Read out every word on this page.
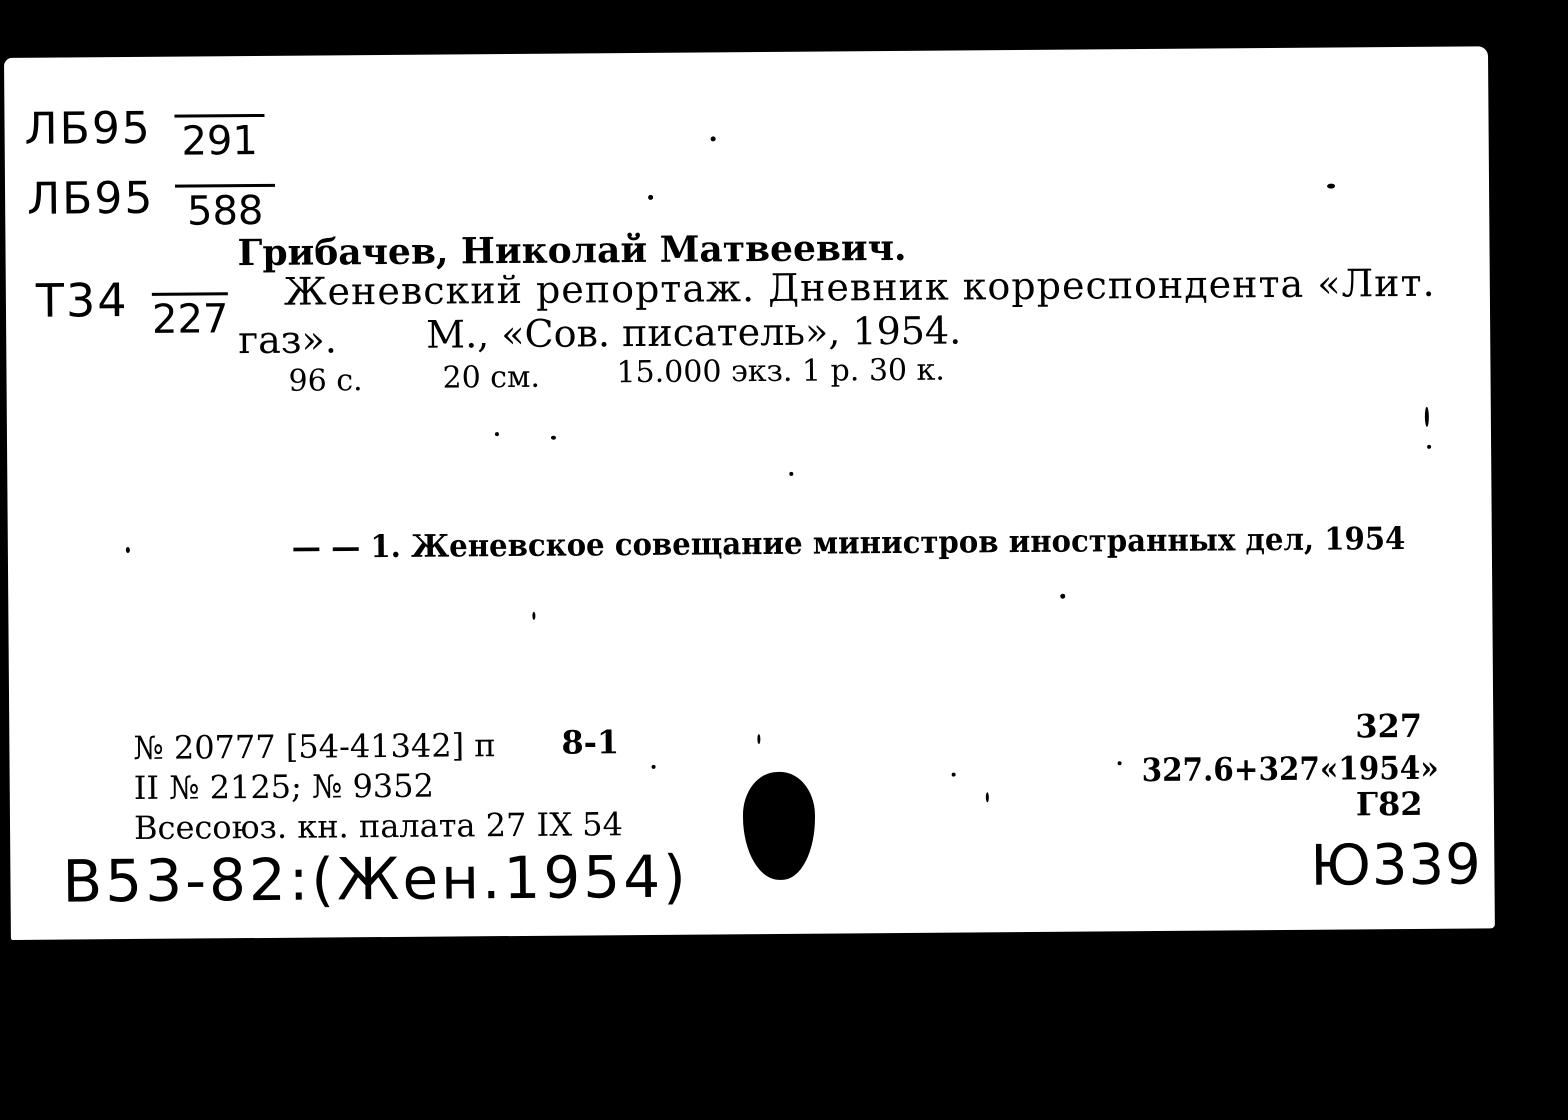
ЛБ95 291
ЛБ95 588
Т34 227
Грибачев, Николай Матвеевич.
Женевский репортаж. Дневник корреспондента «Лит.
газ». М., «Сов. писатель», 1954.
96 с.	20 см.	15.000 экз. 1 р. 30 к.
— — 1. Женевское совещание министров иностранных дел, 1954
№ 20777 [54-41342] п 8-1
II № 2125; № 9352
Всесоюз. кн. палата 27 IX 54
327
327.6+327«1954»
Г82
B53-82:(Жен.1954)	Ю339
